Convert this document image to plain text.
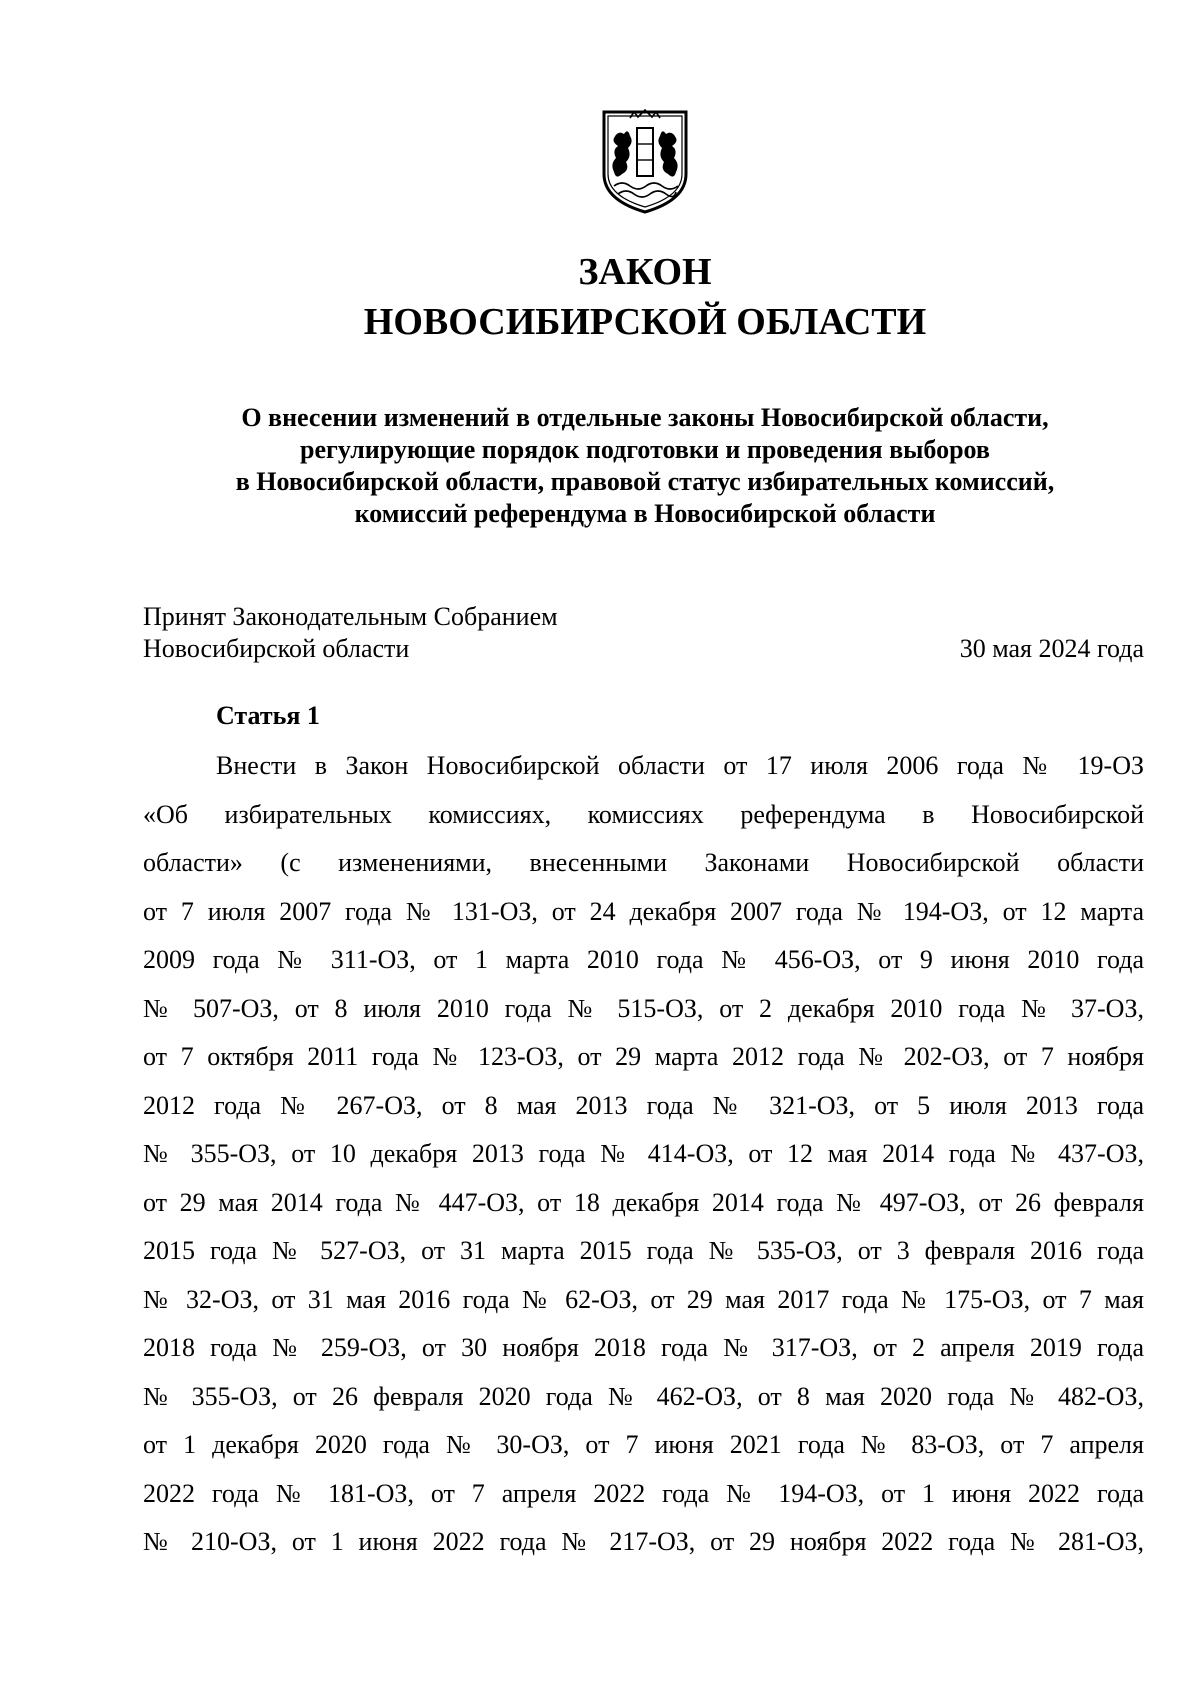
ЗАКОН
НОВОСИБИРСКОЙ ОБЛАСТИ
О внесении изменений в отдельные законы Новосибирской области,
регулирующие порядок подготовки и проведения выборов
в Новосибирской области, правовой статус избирательных комиссий,
комиссий референдума в Новосибирской области
Принят Законодательным Собранием
Новосибирской области	30 мая 2024 года
Статья 1
Внести в Закон Новосибирской области от 17 июля 2006 года № 19-ОЗ
«Об избирательных комиссиях, комиссиях референдума в Новосибирской
области» (с изменениями, внесенными Законами Новосибирской области
от 7 июля 2007 года № 131-ОЗ, от 24 декабря 2007 года № 194-ОЗ, от 12 марта
2009 года № 311-ОЗ, от 1 марта 2010 года № 456-ОЗ, от 9 июня 2010 года
№ 507-ОЗ, от 8 июля 2010 года № 515-ОЗ, от 2 декабря 2010 года № 37-ОЗ,
от 7 октября 2011 года № 123-ОЗ, от 29 марта 2012 года № 202-ОЗ, от 7 ноября
2012 года № 267-ОЗ, от 8 мая 2013 года № 321-ОЗ, от 5 июля 2013 года
№ 355-ОЗ, от 10 декабря 2013 года № 414-ОЗ, от 12 мая 2014 года № 437-ОЗ,
от 29 мая 2014 года № 447-ОЗ, от 18 декабря 2014 года № 497-ОЗ, от 26 февраля
2015 года № 527-ОЗ, от 31 марта 2015 года № 535-ОЗ, от 3 февраля 2016 года
№ 32-ОЗ, от 31 мая 2016 года № 62-ОЗ, от 29 мая 2017 года № 175-ОЗ, от 7 мая
2018 года № 259-ОЗ, от 30 ноября 2018 года № 317-ОЗ, от 2 апреля 2019 года
№ 355-ОЗ, от 26 февраля 2020 года № 462-ОЗ, от 8 мая 2020 года № 482-ОЗ,
от 1 декабря 2020 года № 30-ОЗ, от 7 июня 2021 года № 83-ОЗ, от 7 апреля
2022 года № 181-ОЗ, от 7 апреля 2022 года № 194-ОЗ, от 1 июня 2022 года
№ 210-ОЗ, от 1 июня 2022 года № 217-ОЗ, от 29 ноября 2022 года № 281-ОЗ,
